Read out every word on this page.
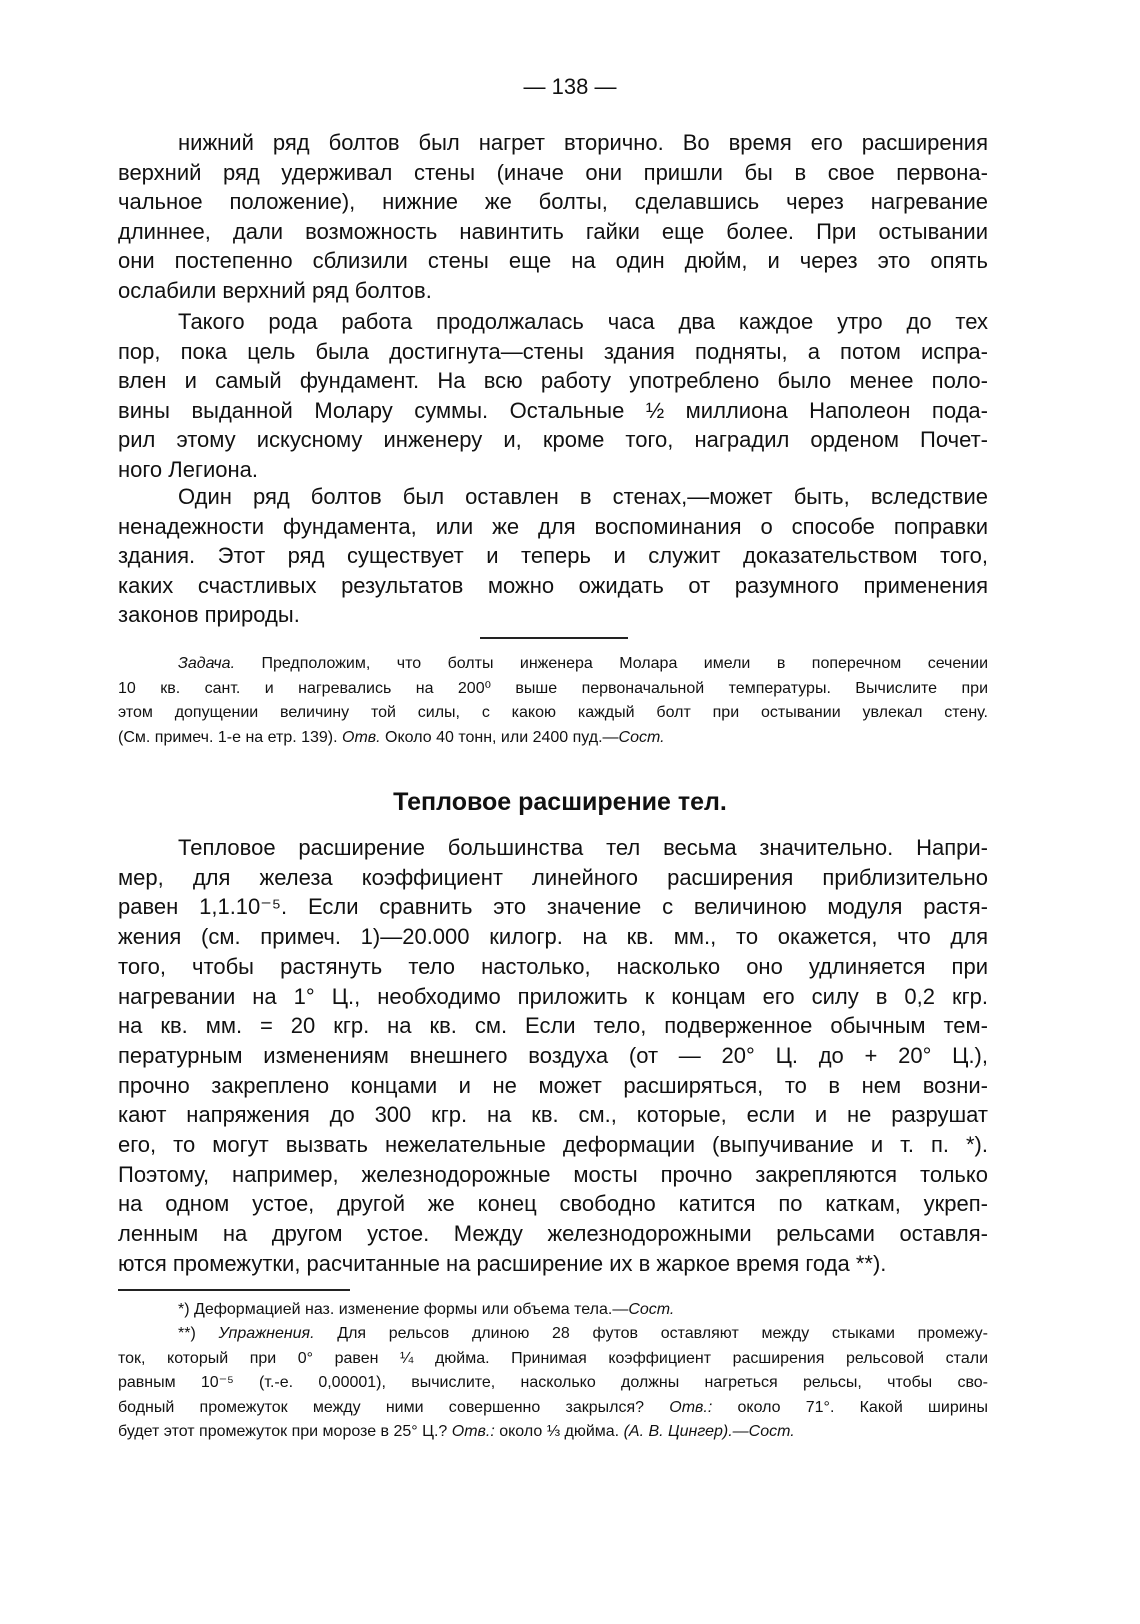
— 138 —
нижний ряд болтов был нагрет вторично. Во время его расширения
верхний ряд удерживал стены (иначе они пришли бы в свое первона-
чальное положение), нижние же болты, сделавшись через нагревание
длиннее, дали возможность навинтить гайки еще более. При остывании
они постепенно сблизили стены еще на один дюйм, и через это опять
ослабили верхний ряд болтов.
Такого рода работа продолжалась часа два каждое утро до тех
пор, пока цель была достигнута—стены здания подняты, а потом испра-
влен и самый фундамент. На всю работу употреблено было менее поло-
вины выданной Молару суммы. Остальные ½ миллиона Наполеон пода-
рил этому искусному инженеру и, кроме того, наградил орденом Почет-
ного Легиона.
Один ряд болтов был оставлен в стенах,—может быть, вследствие
ненадежности фундамента, или же для воспоминания о способе поправки
здания. Этот ряд существует и теперь и служит доказательством того,
каких счастливых результатов можно ожидать от разумного применения
законов природы.
Задача. Предположим, что болты инженера Молара имели в поперечном сечении
10 кв. сант. и нагревались на 200⁰ выше первоначальной температуры. Вычислите при
этом допущении величину той силы, с какою каждый болт при остывании увлекал стену.
(См. примеч. 1-е на етр. 139). Отв. Около 40 тонн, или 2400 пуд.—Сост.
Тепловое расширение большинства тел весьма значительно. Напри-
мер, для железа коэффициент линейного расширения приблизительно
равен 1,1.10⁻⁵. Если сравнить это значение с величиною модуля растя-
жения (см. примеч. 1)—20.000 килогр. на кв. мм., то окажется, что для
того, чтобы растянуть тело настолько, насколько оно удлиняется при
нагревании на 1° Ц., необходимо приложить к концам его силу в 0,2 кгр.
на кв. мм. = 20 кгр. на кв. см. Если тело, подверженное обычным тем-
пературным изменениям внешнего воздуха (от — 20° Ц. до + 20° Ц.),
прочно закреплено концами и не может расширяться, то в нем возни-
кают напряжения до 300 кгр. на кв. см., которые, если и не разрушат
его, то могут вызвать нежелательные деформации (выпучивание и т. п. *).
Поэтому, например, железнодорожные мосты прочно закрепляются только
на одном устое, другой же конец свободно катится по каткам, укреп-
ленным на другом устое. Между железнодорожными рельсами оставля-
ются промежутки, расчитанные на расширение их в жаркое время года **).
*) Деформацией наз. изменение формы или объема тела.—Сост.
**) Упражнения. Для рельсов длиною 28 футов оставляют между стыками промежу-
ток, который при 0° равен ¼ дюйма. Принимая коэффициент расширения рельсовой стали
равным 10⁻⁵ (т.-е. 0,00001), вычислите, насколько должны нагреться рельсы, чтобы сво-
бодный промежуток между ними совершенно закрылся? Отв.: около 71°. Какой ширины
будет этот промежуток при морозе в 25° Ц.? Отв.: около ⅓ дюйма. (А. В. Цингер).—Сост.
Тепловое расширение тел.
